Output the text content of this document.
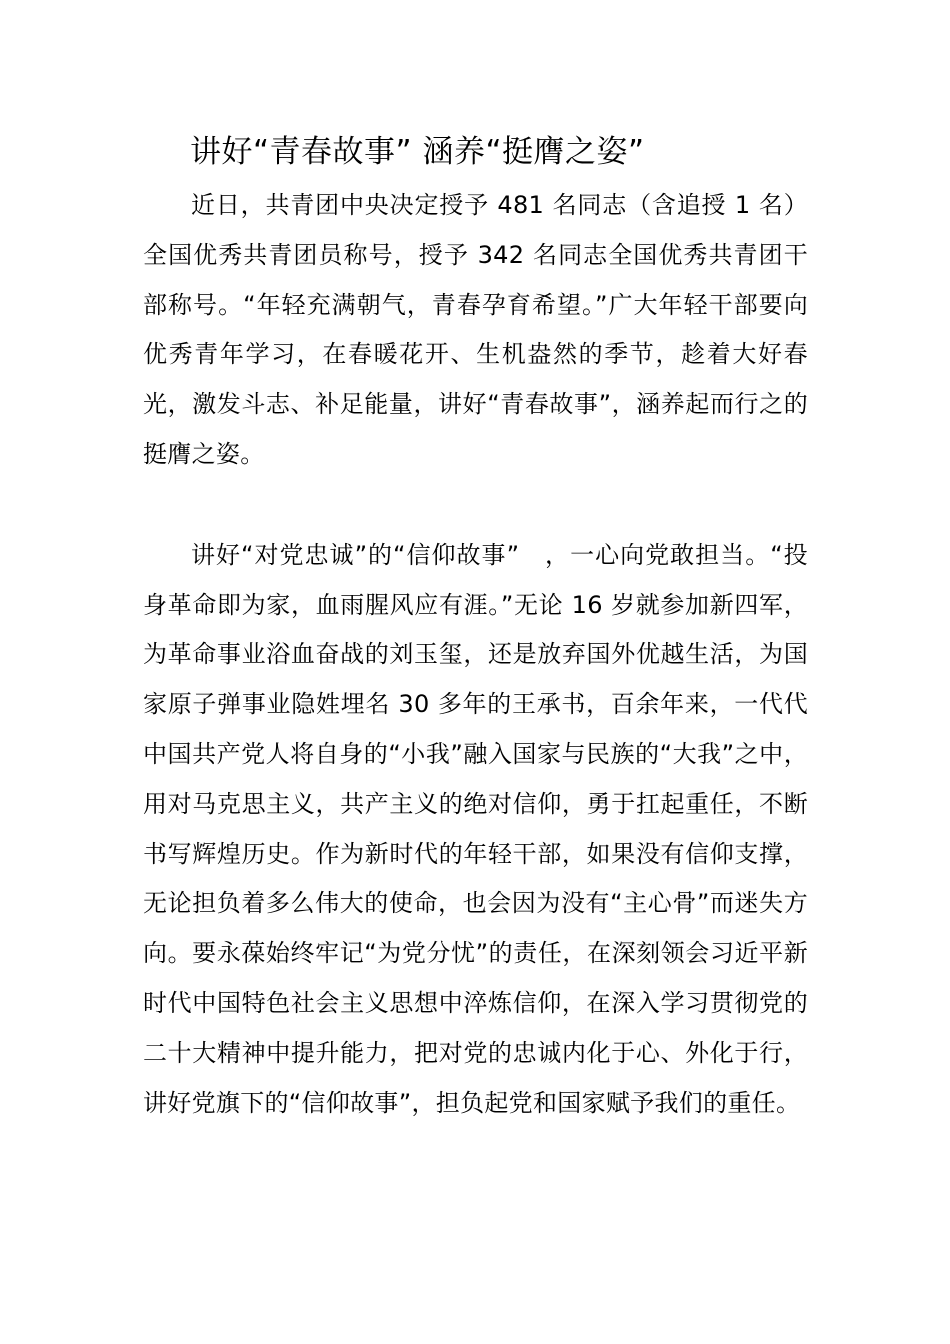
讲好“青春故事” 涵养“挺膺之姿”

近日，共青团中央决定授予 481 名同志（含追授 1 名）全国优秀共青团员称号，授予 342 名同志全国优秀共青团干部称号。“年轻充满朝气，青春孕育希望。”广大年轻干部要向优秀青年学习，在春暖花开、生机盎然的季节，趁着大好春光，激发斗志、补足能量，讲好“青春故事”，涵养起而行之的挺膺之姿。

讲好“对党忠诚”的“信仰故事”　，一心向党敢担当。“投身革命即为家，血雨腥风应有涯。”无论 16 岁就参加新四军，为革命事业浴血奋战的刘玉玺，还是放弃国外优越生活，为国家原子弹事业隐姓埋名 30 多年的王承书，百余年来，一代代中国共产党人将自身的“小我”融入国家与民族的“大我”之中，用对马克思主义，共产主义的绝对信仰，勇于扛起重任，不断书写辉煌历史。作为新时代的年轻干部，如果没有信仰支撑，无论担负着多么伟大的使命，也会因为没有“主心骨”而迷失方向。要永葆始终牢记“为党分忧”的责任，在深刻领会习近平新时代中国特色社会主义思想中淬炼信仰，在深入学习贯彻党的二十大精神中提升能力，把对党的忠诚内化于心、外化于行，讲好党旗下的“信仰故事”，担负起党和国家赋予我们的重任。
